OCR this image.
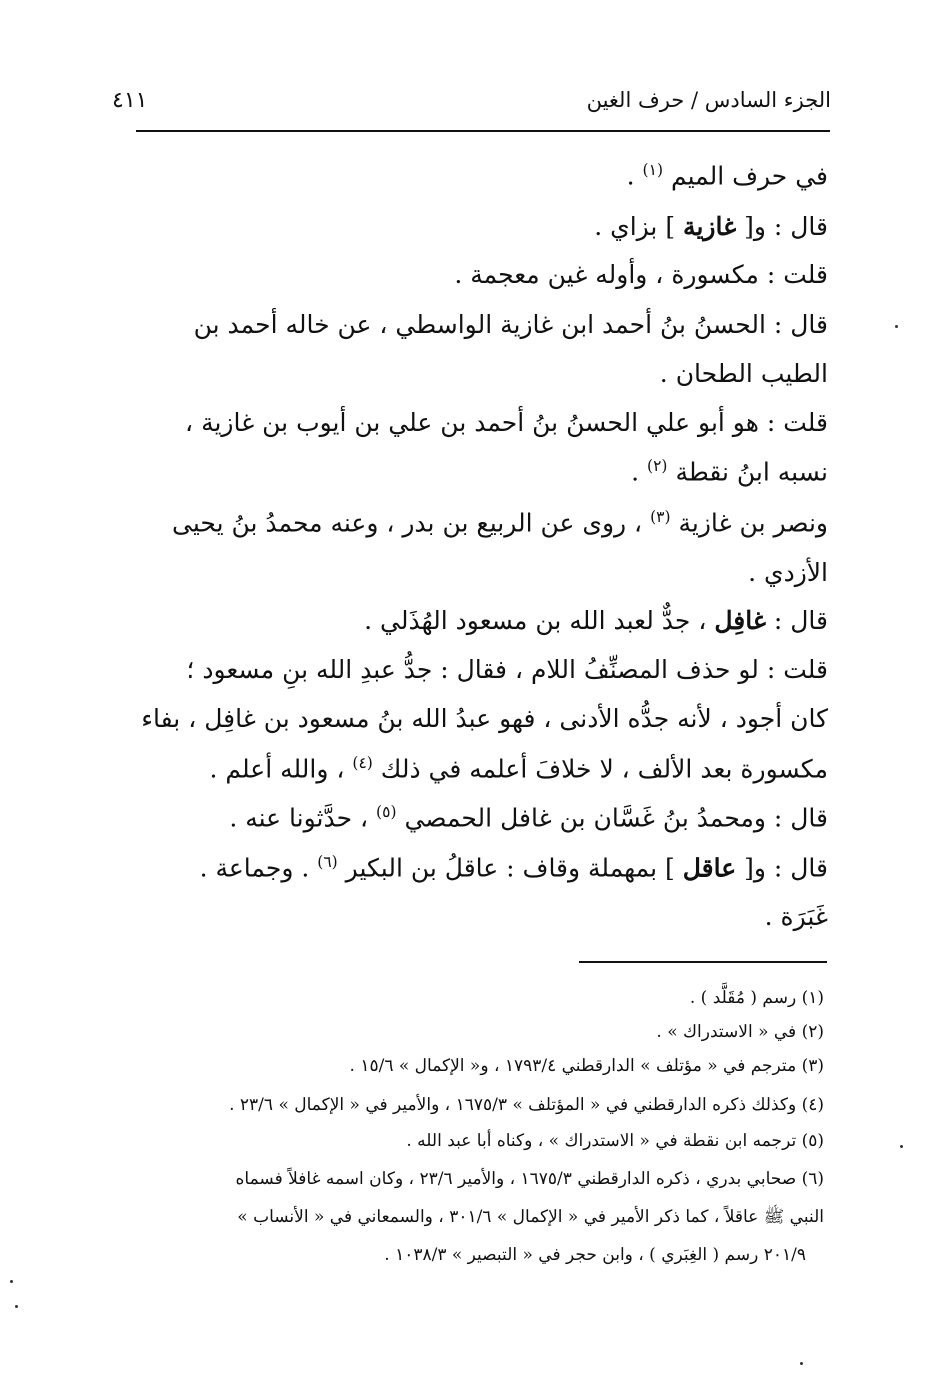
الجزء السادس / حرف الغين
٤١١
في حرف الميم $^{(١)}$ .
قال : و[ غازية ] بزاي .
قلت : مكسورة ، وأوله غين معجمة .
قال : الحسنُ بنُ أحمد ابن غازية الواسطي ، عن خاله أحمد بن
الطيب الطحان .
قلت : هو أبو علي الحسنُ بنُ أحمد بن علي بن أيوب بن غازية ،
نسبه ابنُ نقطة $^{(٢)}$ .
ونصر بن غازية $^{(٣)}$ ، روى عن الربيع بن بدر ، وعنه محمدُ بنُ يحيى
الأزدي .
قال : غافِل ، جدٌّ لعبد الله بن مسعود الهُذَلي .
قلت : لو حذف المصنِّفُ اللام ، فقال : جدُّ عبدِ الله بنِ مسعود ؛
كان أجود ، لأنه جدُّه الأدنى ، فهو عبدُ الله بنُ مسعود بن غافِل ، بفاء
مكسورة بعد الألف ، لا خلافَ أعلمه في ذلك $^{(٤)}$ ، والله أعلم .
قال : ومحمدُ بنُ غَسَّان بن غافل الحمصي $^{(٥)}$ ، حدَّثونا عنه .
قال : و[ عاقل ] بمهملة وقاف : عاقلُ بن البكير $^{(٦)}$ . وجماعة .
غَبَرَة .
(١) رسم ( مُقَلَّد ) .
(٢) في « الاستدراك » .
(٣) مترجم في « مؤتلف » الدارقطني ١٧٩٣/٤ ، و« الإكمال » ١٥/٦ .
(٤) وكذلك ذكره الدارقطني في « المؤتلف » ١٦٧٥/٣ ، والأمير في « الإكمال » ٢٣/٦ .
(٥) ترجمه ابن نقطة في « الاستدراك » ، وكناه أبا عبد الله .
(٦) صحابي بدري ، ذكره الدارقطني ١٦٧٥/٣ ، والأمير ٢٣/٦ ، وكان اسمه غافلاً فسماه
النبي ﷺ عاقلاً ، كما ذكر الأمير في « الإكمال » ٣٠١/٦ ، والسمعاني في « الأنساب »
٢٠١/٩ رسم ( الغِبَري ) ، وابن حجر في « التبصير » ١٠٣٨/٣ .
